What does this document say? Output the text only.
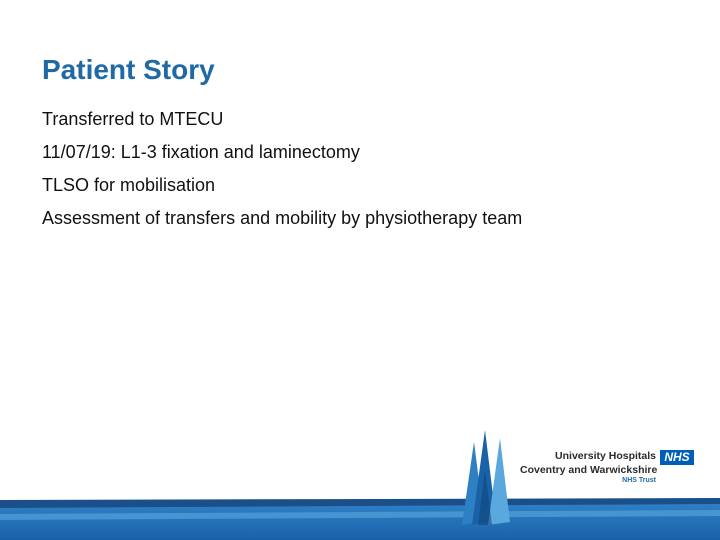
Patient Story
Transferred to MTECU
11/07/19: L1-3 fixation and laminectomy
TLSO for mobilisation
Assessment of transfers and mobility by physiotherapy team
University Hospitals
Coventry and Warwickshire
NHS Trust
NHS
